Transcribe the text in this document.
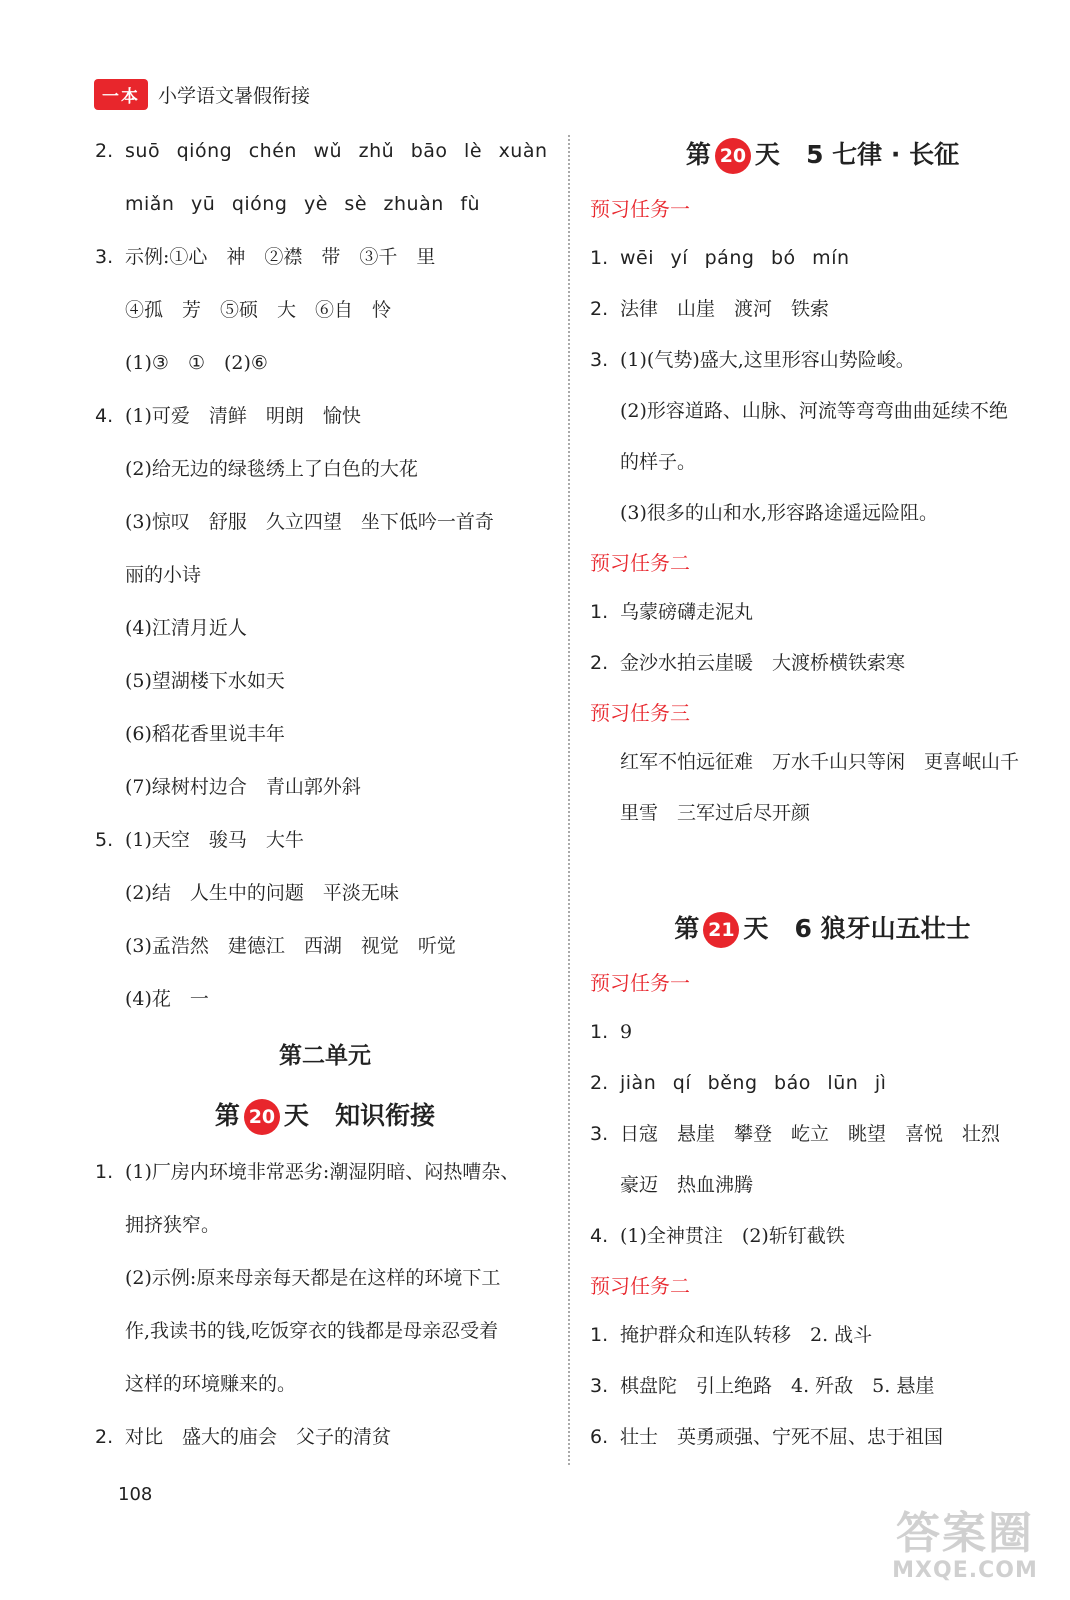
一本 小学语文暑假衔接
2. suō qióng chén wǔ zhǔ bāo lè xuàn
miǎn yū qióng yè sè zhuàn fù
3. 示例:①心　神　②襟　带　③千　里
④孤　芳　⑤硕　大　⑥自　怜
(1)③　①　(2)⑥
4. (1)可爱　清鲜　明朗　愉快
(2)给无边的绿毯绣上了白色的大花
(3)惊叹　舒服　久立四望　坐下低吟一首奇
丽的小诗
(4)江清月近人
(5)望湖楼下水如天
(6)稻花香里说丰年
(7)绿树村边合　青山郭外斜
5. (1)天空　骏马　大牛
(2)结　人生中的问题　平淡无味
(3)孟浩然　建德江　西湖　视觉　听觉
(4)花　一
第二单元
第 20 天 知识衔接
1. (1)厂房内环境非常恶劣:潮湿阴暗、闷热嘈杂、
拥挤狭窄。
(2)示例:原来母亲每天都是在这样的环境下工
作,我读书的钱,吃饭穿衣的钱都是母亲忍受着
这样的环境赚来的。
2. 对比　盛大的庙会　父子的清贫
第 20 天 5 七律 · 长征
预习任务一
1. wēi yí páng bó mín
2. 法律　山崖　渡河　铁索
3. (1)(气势)盛大,这里形容山势险峻。
(2)形容道路、山脉、河流等弯弯曲曲延续不绝
的样子。
(3)很多的山和水,形容路途遥远险阻。
预习任务二
1. 乌蒙磅礴走泥丸
2. 金沙水拍云崖暖　大渡桥横铁索寒
预习任务三
红军不怕远征难　万水千山只等闲　更喜岷山千
里雪　三军过后尽开颜
第 21 天 6 狼牙山五壮士
预习任务一
1. 9
2. jiàn qí běng báo lūn jì
3. 日寇　悬崖　攀登　屹立　眺望　喜悦　壮烈
豪迈　热血沸腾
4. (1)全神贯注　(2)斩钉截铁
预习任务二
1. 掩护群众和连队转移　2. 战斗
3. 棋盘陀　引上绝路　4. 歼敌　5. 悬崖
6. 壮士　英勇顽强、宁死不屈、忠于祖国
108
答案圈
MXQE.COM
